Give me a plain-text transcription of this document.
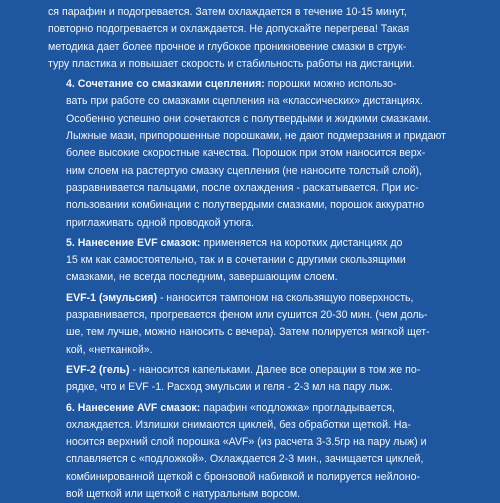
ся парафин и подогревается. Затем охлаждается в течение 10-15 минут,
повторно подогревается и охлаждается. Не допускайте перегрева! Такая
методика дает более прочное и глубокое проникновение смазки в струк-
туру пластика и повышает скорость и стабильность работы на дистанции.

4. Сочетание со смазками сцепления: порошки можно использо-
вать при работе со смазками сцепления на «классических» дистанциях.
Особенно успешно они сочетаются с полутвердыми и жидкими смазками.
Лыжные мази, припорошенные порошками, не дают подмерзания и придают
более высокие скоростные качества. Порошок при этом наносится верх-
ним слоем на растертую смазку сцепления (не наносите толстый слой),
разравнивается пальцами, после охлаждения - раскатывается. При ис-
пользовании комбинации с полутвердыми смазками, порошок аккуратно
приглаживать одной проводкой утюга.

5. Нанесение EVF смазок: применяется на коротких дистанциях до
15 км как самостоятельно, так и в сочетании с другими скользящими
смазками, не всегда последним, завершающим слоем.

EVF-1 (эмульсия) - наносится тампоном на скользящую поверхность,
разравнивается, прогревается феном или сушится 20-30 мин. (чем доль-
ше, тем лучше, можно наносить с вечера). Затем полируется мягкой щет-
кой, «нетканкой».

EVF-2 (гель) - наносится капельками. Далее все операции в том же по-
рядке, что и EVF -1. Расход эмульсии и геля - 2-3 мл на пару лыж.

6. Нанесение AVF смазок: парафин «подложка» прогладывается,
охлаждается. Излишки снимаются циклей, без обработки щеткой. На-
носится верхний слой порошка «AVF» (из расчета 3-3.5гр на пару лыж) и
сплавляется с «подложкой». Охлаждается 2-3 мин., зачищается циклей,
комбинированной щеткой с бронзовой набивкой и полируется нейлоно-
вой щеткой или щеткой с натуральным ворсом.
